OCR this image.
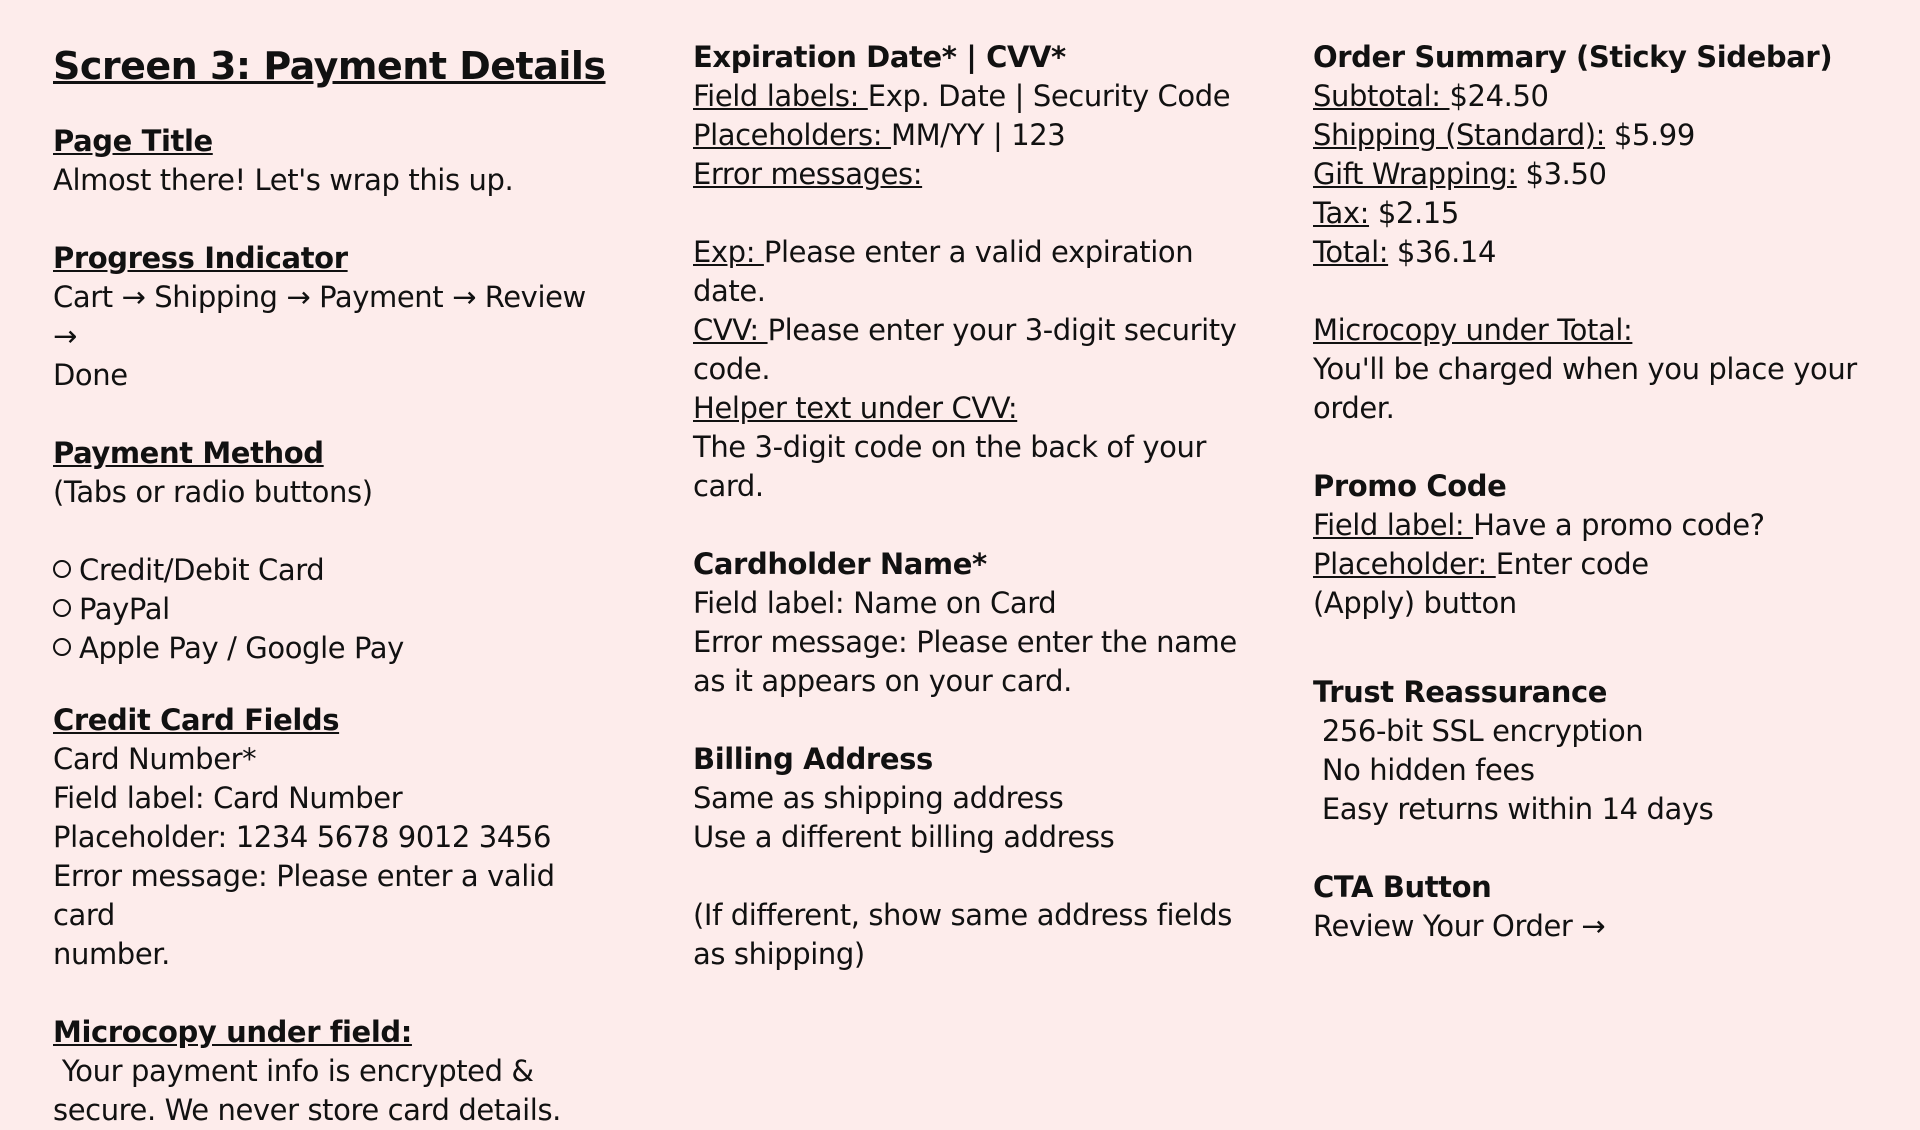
Screen 3: Payment Details
Page Title
Almost there! Let's wrap this up.
Progress Indicator
Cart → Shipping → Payment → Review →
Done
Payment Method
(Tabs or radio buttons)
Credit/Debit Card
PayPal
Apple Pay / Google Pay
Credit Card Fields
Card Number*
Field label: Card Number
Placeholder: 1234 5678 9012 3456
Error message: Please enter a valid card
number.
Microcopy under field:
Your payment info is encrypted &
secure. We never store card details.
Expiration Date* | CVV*
Field labels: Exp. Date | Security Code
Placeholders: MM/YY | 123
Error messages:
Exp: Please enter a valid expiration
date.
CVV: Please enter your 3-digit security
code.
Helper text under CVV:
The 3-digit code on the back of your
card.
Cardholder Name*
Field label: Name on Card
Error message: Please enter the name
as it appears on your card.
Billing Address
Same as shipping address
Use a different billing address
(If different, show same address fields
as shipping)
Order Summary (Sticky Sidebar)
Subtotal: $24.50
Shipping (Standard): $5.99
Gift Wrapping: $3.50
Tax: $2.15
Total: $36.14
Microcopy under Total:
You'll be charged when you place your
order.
Promo Code
Field label: Have a promo code?
Placeholder: Enter code
(Apply) button
Trust Reassurance
256-bit SSL encryption
No hidden fees
Easy returns within 14 days
CTA Button
Review Your Order →
